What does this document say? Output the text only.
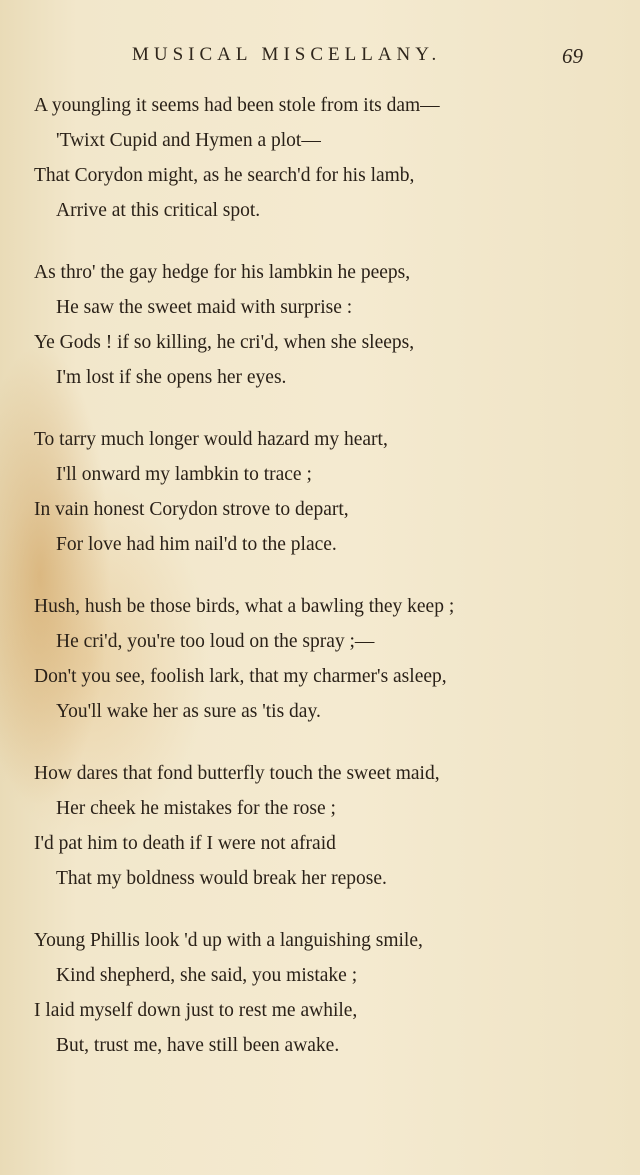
MUSICAL MISCELLANY.	69
A youngling it seems had been stole from its dam—
'Twixt Cupid and Hymen a plot—
That Corydon might, as he search'd for his lamb,
Arrive at this critical spot.
As thro' the gay hedge for his lambkin he peeps,
He saw the sweet maid with surprise :
Ye Gods ! if so killing, he cri'd, when she sleeps,
I'm lost if she opens her eyes.
To tarry much longer would hazard my heart,
I'll onward my lambkin to trace ;
In vain honest Corydon strove to depart,
For love had him nail'd to the place.
Hush, hush be those birds, what a bawling they keep ;
He cri'd, you're too loud on the spray ;—
Don't you see, foolish lark, that my charmer's asleep,
You'll wake her as sure as 'tis day.
How dares that fond butterfly touch the sweet maid,
Her cheek he mistakes for the rose ;
I'd pat him to death if I were not afraid
That my boldness would break her repose.
Young Phillis look 'd up with a languishing smile,
Kind shepherd, she said, you mistake ;
I laid myself down just to rest me awhile,
But, trust me, have still been awake.
